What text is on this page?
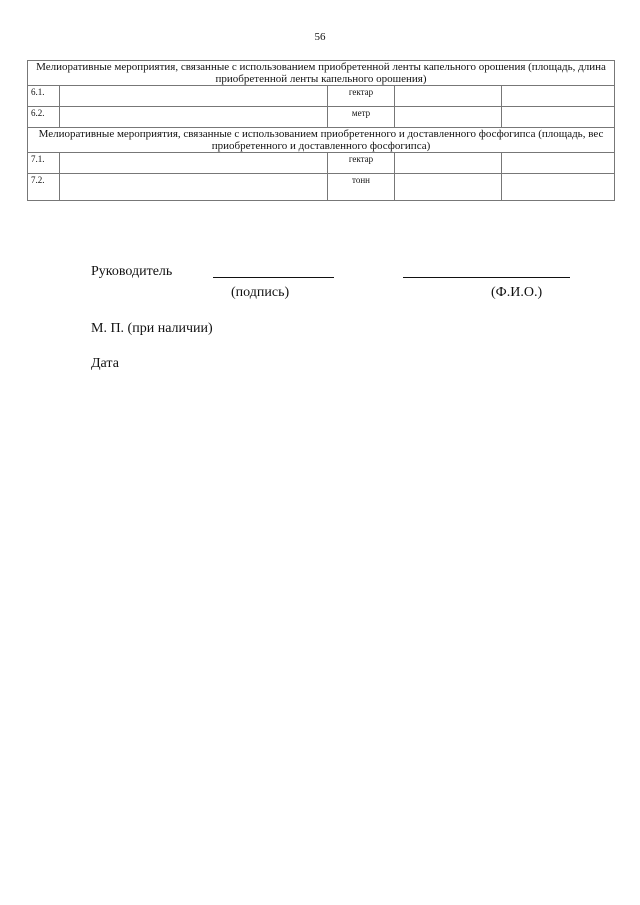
56
Мелиоративные мероприятия, связанные с использованием приобретенной ленты капельного орошения (площадь, длина приобретенной ленты капельного орошения)				
6.1.		гектар		
6.2.		метр		
Мелиоративные мероприятия, связанные с использованием приобретенного и доставленного фосфогипса (площадь, вес приобретенного и доставленного фосфогипса)				
7.1.		гектар		
7.2.		тонн		
Руководитель
(подпись)	(Ф.И.О.)
М. П. (при наличии)
Дата
